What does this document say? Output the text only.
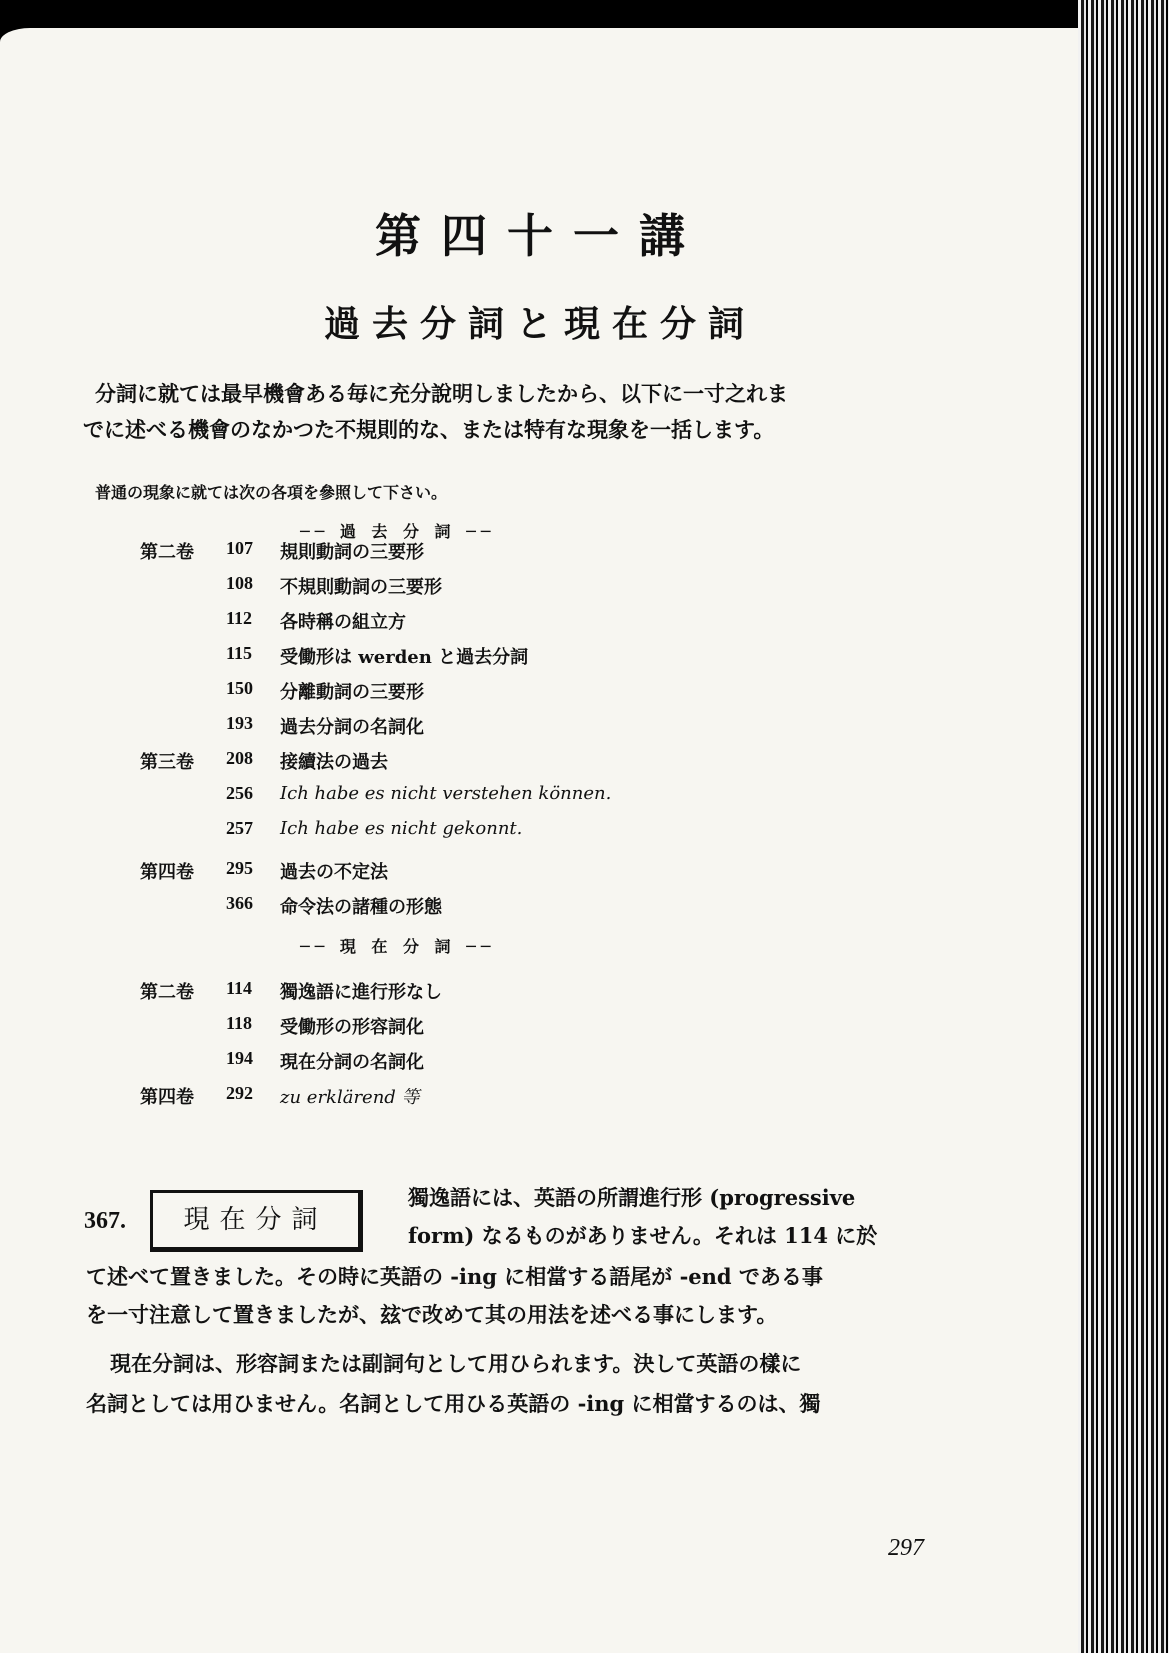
第四十一講
過去分詞と現在分詞
分詞に就ては最早機會ある毎に充分說明しましたから、以下に一寸之れま

でに述べる機會のなかつた不規則的な、または特有な現象を一括します。
普通の現象に就ては次の各項を參照して下さい。
── 過 去 分 詞 ──
第二卷	107	規則動詞の三要形
108	不規則動詞の三要形
112	各時稱の組立方
115	受働形は werden と過去分詞
150	分離動詞の三要形
193	過去分詞の名詞化
第三卷	208	接續法の過去
256	Ich habe es nicht verstehen können.
257	Ich habe es nicht gekonnt.
第四卷	295	過去の不定法
366	命令法の諸種の形態
── 現 在 分 詞 ──
第二卷	114	獨逸語に進行形なし
118	受働形の形容詞化
194	現在分詞の名詞化
第四卷	292	zu erklärend 等
367.	現在分詞
獨逸語には、英語の所謂進行形 (progressive
form) なるものがありません。それは 114 に於
て述べて置きました。その時に英語の -ing に相當する語尾が -end である事
を一寸注意して置きましたが、玆で改めて其の用法を述べる事にします。
現在分詞は、形容詞または副詞句として用ひられます。決して英語の樣に
名詞としては用ひません。名詞として用ひる英語の -ing に相當するのは、獨
297
